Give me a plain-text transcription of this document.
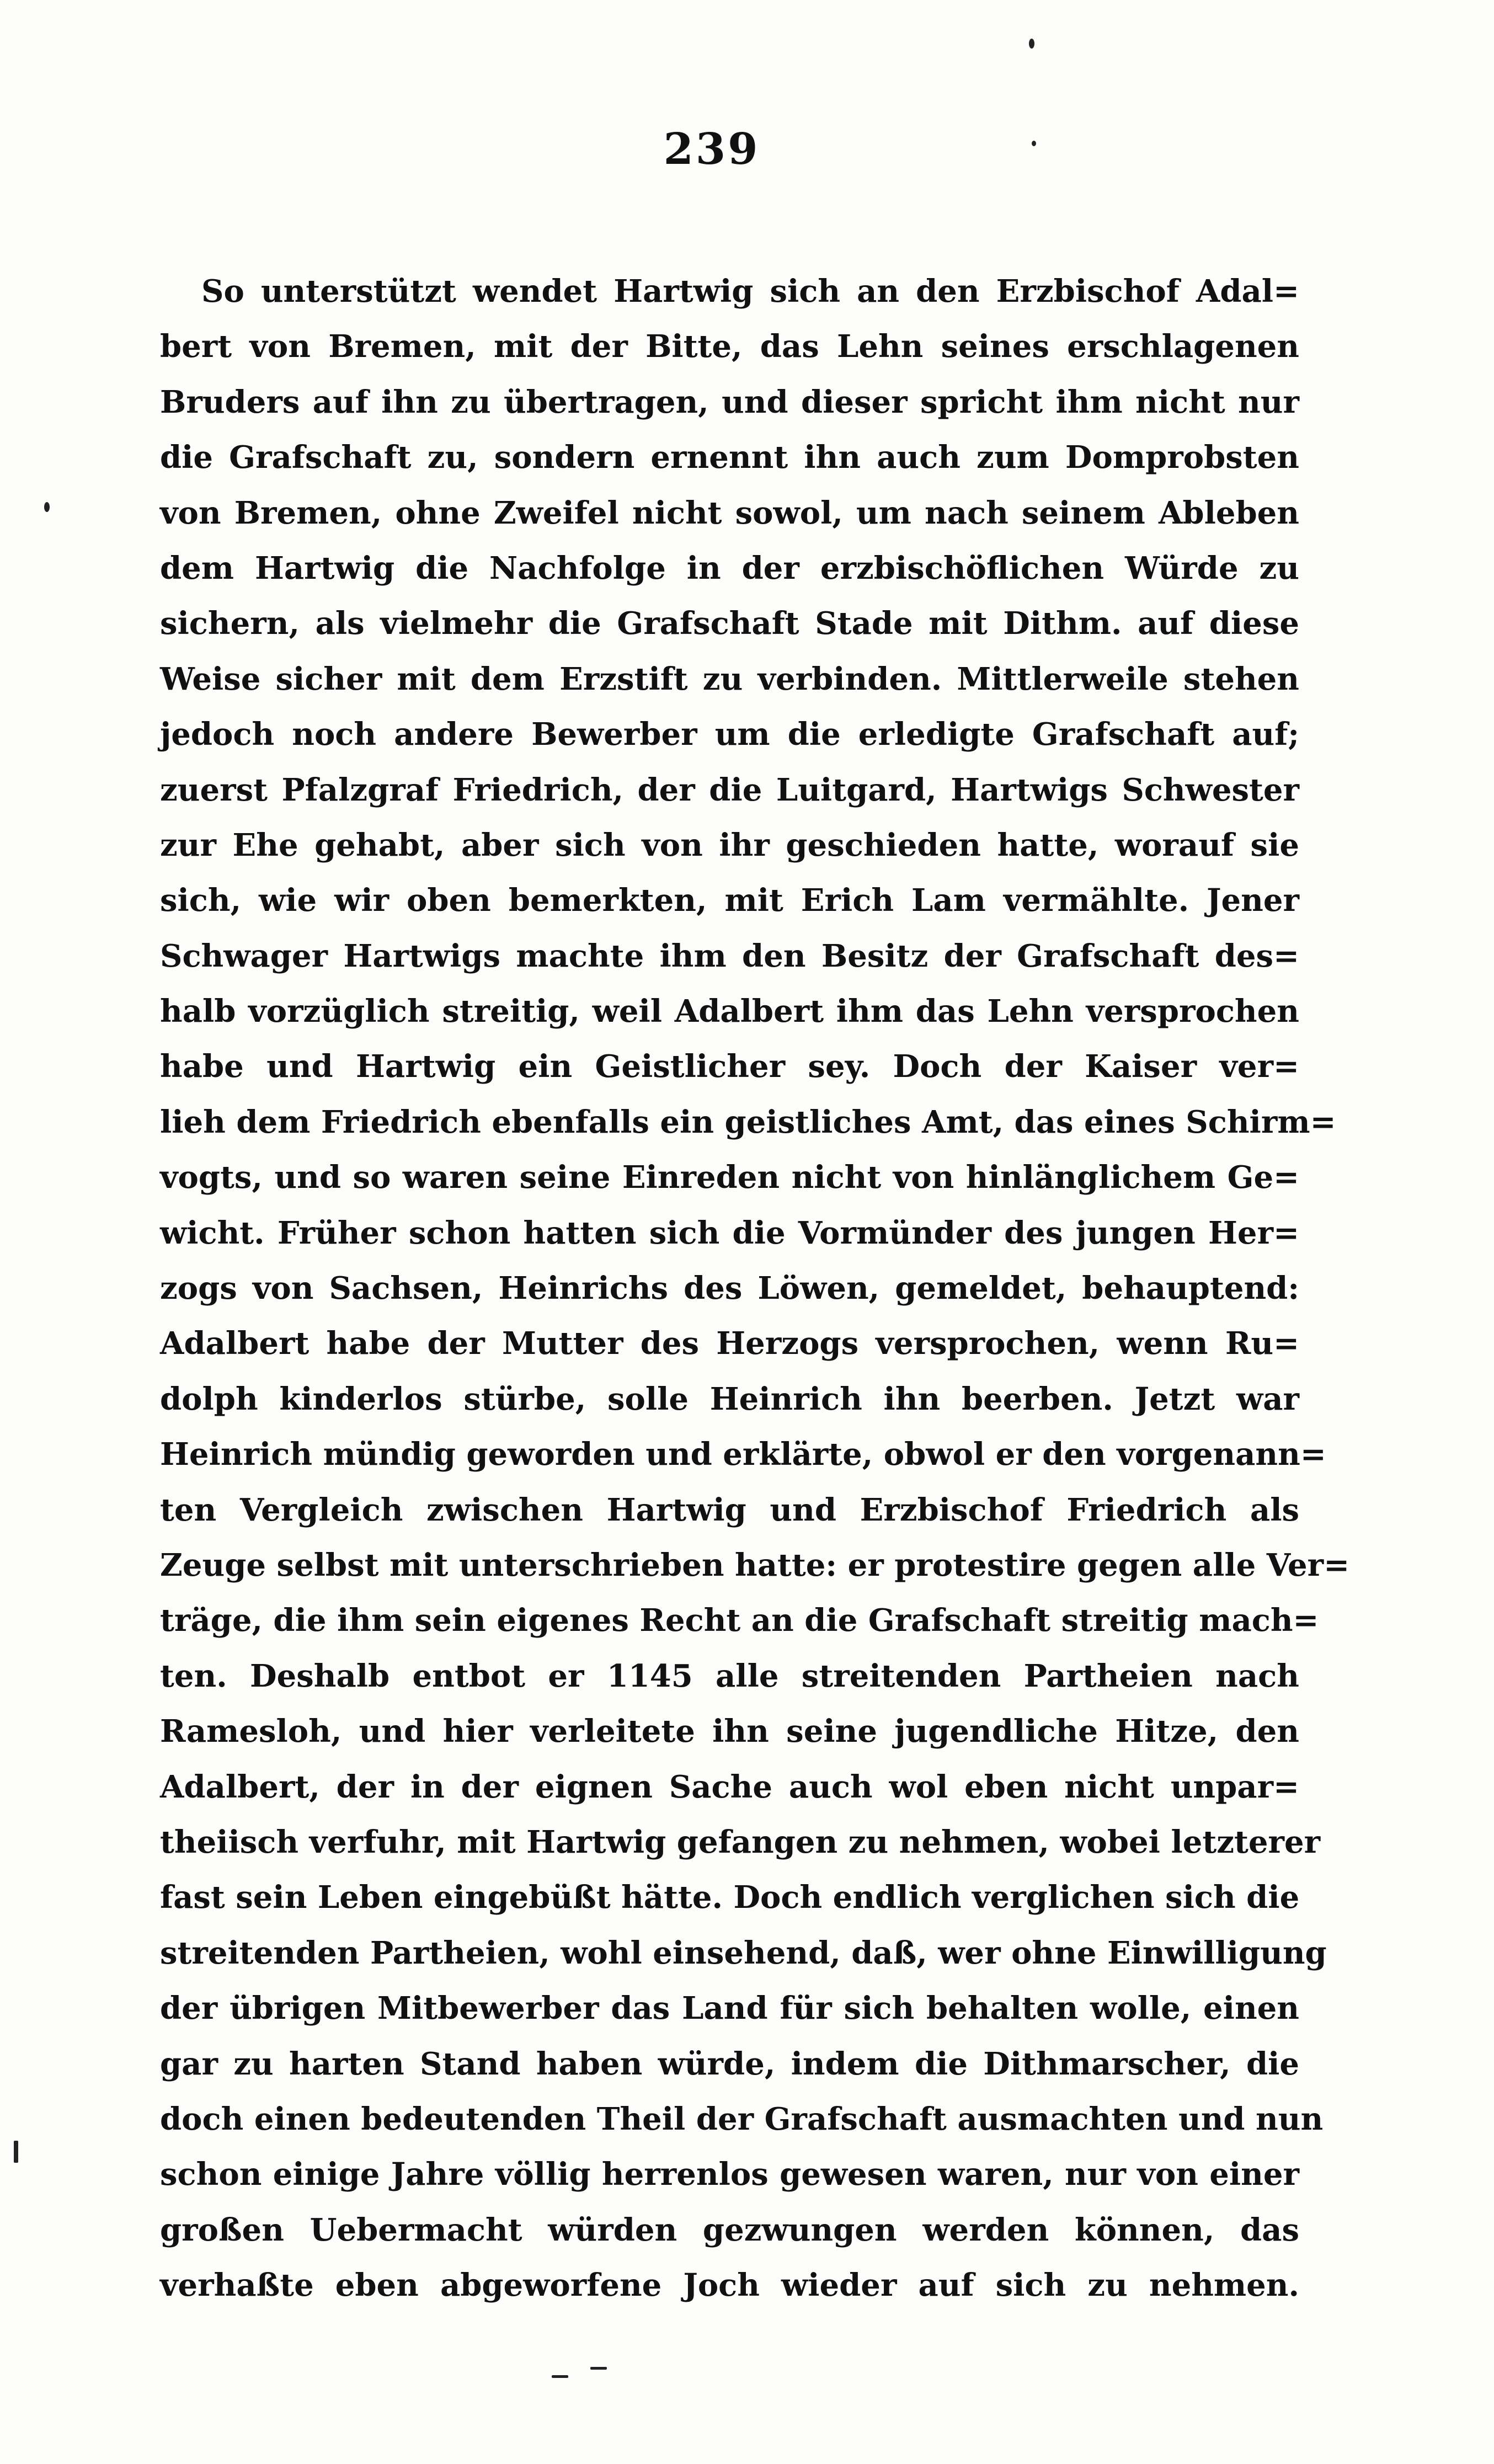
239
So unterstützt wendet Hartwig sich an den Erzbischof Adal=
bert von Bremen, mit der Bitte, das Lehn seines erschlagenen
Bruders auf ihn zu übertragen, und dieser spricht ihm nicht nur
die Grafschaft zu, sondern ernennt ihn auch zum Domprobsten
von Bremen, ohne Zweifel nicht sowol, um nach seinem Ableben
dem Hartwig die Nachfolge in der erzbischöflichen Würde zu
sichern, als vielmehr die Grafschaft Stade mit Dithm. auf diese
Weise sicher mit dem Erzstift zu verbinden. Mittlerweile stehen
jedoch noch andere Bewerber um die erledigte Grafschaft auf;
zuerst Pfalzgraf Friedrich, der die Luitgard, Hartwigs Schwester
zur Ehe gehabt, aber sich von ihr geschieden hatte, worauf sie
sich, wie wir oben bemerkten, mit Erich Lam vermählte. Jener
Schwager Hartwigs machte ihm den Besitz der Grafschaft des=
halb vorzüglich streitig, weil Adalbert ihm das Lehn versprochen
habe und Hartwig ein Geistlicher sey. Doch der Kaiser ver=
lieh dem Friedrich ebenfalls ein geistliches Amt, das eines Schirm=
vogts, und so waren seine Einreden nicht von hinlänglichem Ge=
wicht. Früher schon hatten sich die Vormünder des jungen Her=
zogs von Sachsen, Heinrichs des Löwen, gemeldet, behauptend:
Adalbert habe der Mutter des Herzogs versprochen, wenn Ru=
dolph kinderlos stürbe, solle Heinrich ihn beerben. Jetzt war
Heinrich mündig geworden und erklärte, obwol er den vorgenann=
ten Vergleich zwischen Hartwig und Erzbischof Friedrich als
Zeuge selbst mit unterschrieben hatte: er protestire gegen alle Ver=
träge, die ihm sein eigenes Recht an die Grafschaft streitig mach=
ten. Deshalb entbot er 1145 alle streitenden Partheien nach
Ramesloh, und hier verleitete ihn seine jugendliche Hitze, den
Adalbert, der in der eignen Sache auch wol eben nicht unpar=
theiisch verfuhr, mit Hartwig gefangen zu nehmen, wobei letzterer
fast sein Leben eingebüßt hätte. Doch endlich verglichen sich die
streitenden Partheien, wohl einsehend, daß, wer ohne Einwilligung
der übrigen Mitbewerber das Land für sich behalten wolle, einen
gar zu harten Stand haben würde, indem die Dithmarscher, die
doch einen bedeutenden Theil der Grafschaft ausmachten und nun
schon einige Jahre völlig herrenlos gewesen waren, nur von einer
großen Uebermacht würden gezwungen werden können, das
verhaßte eben abgeworfene Joch wieder auf sich zu nehmen.
